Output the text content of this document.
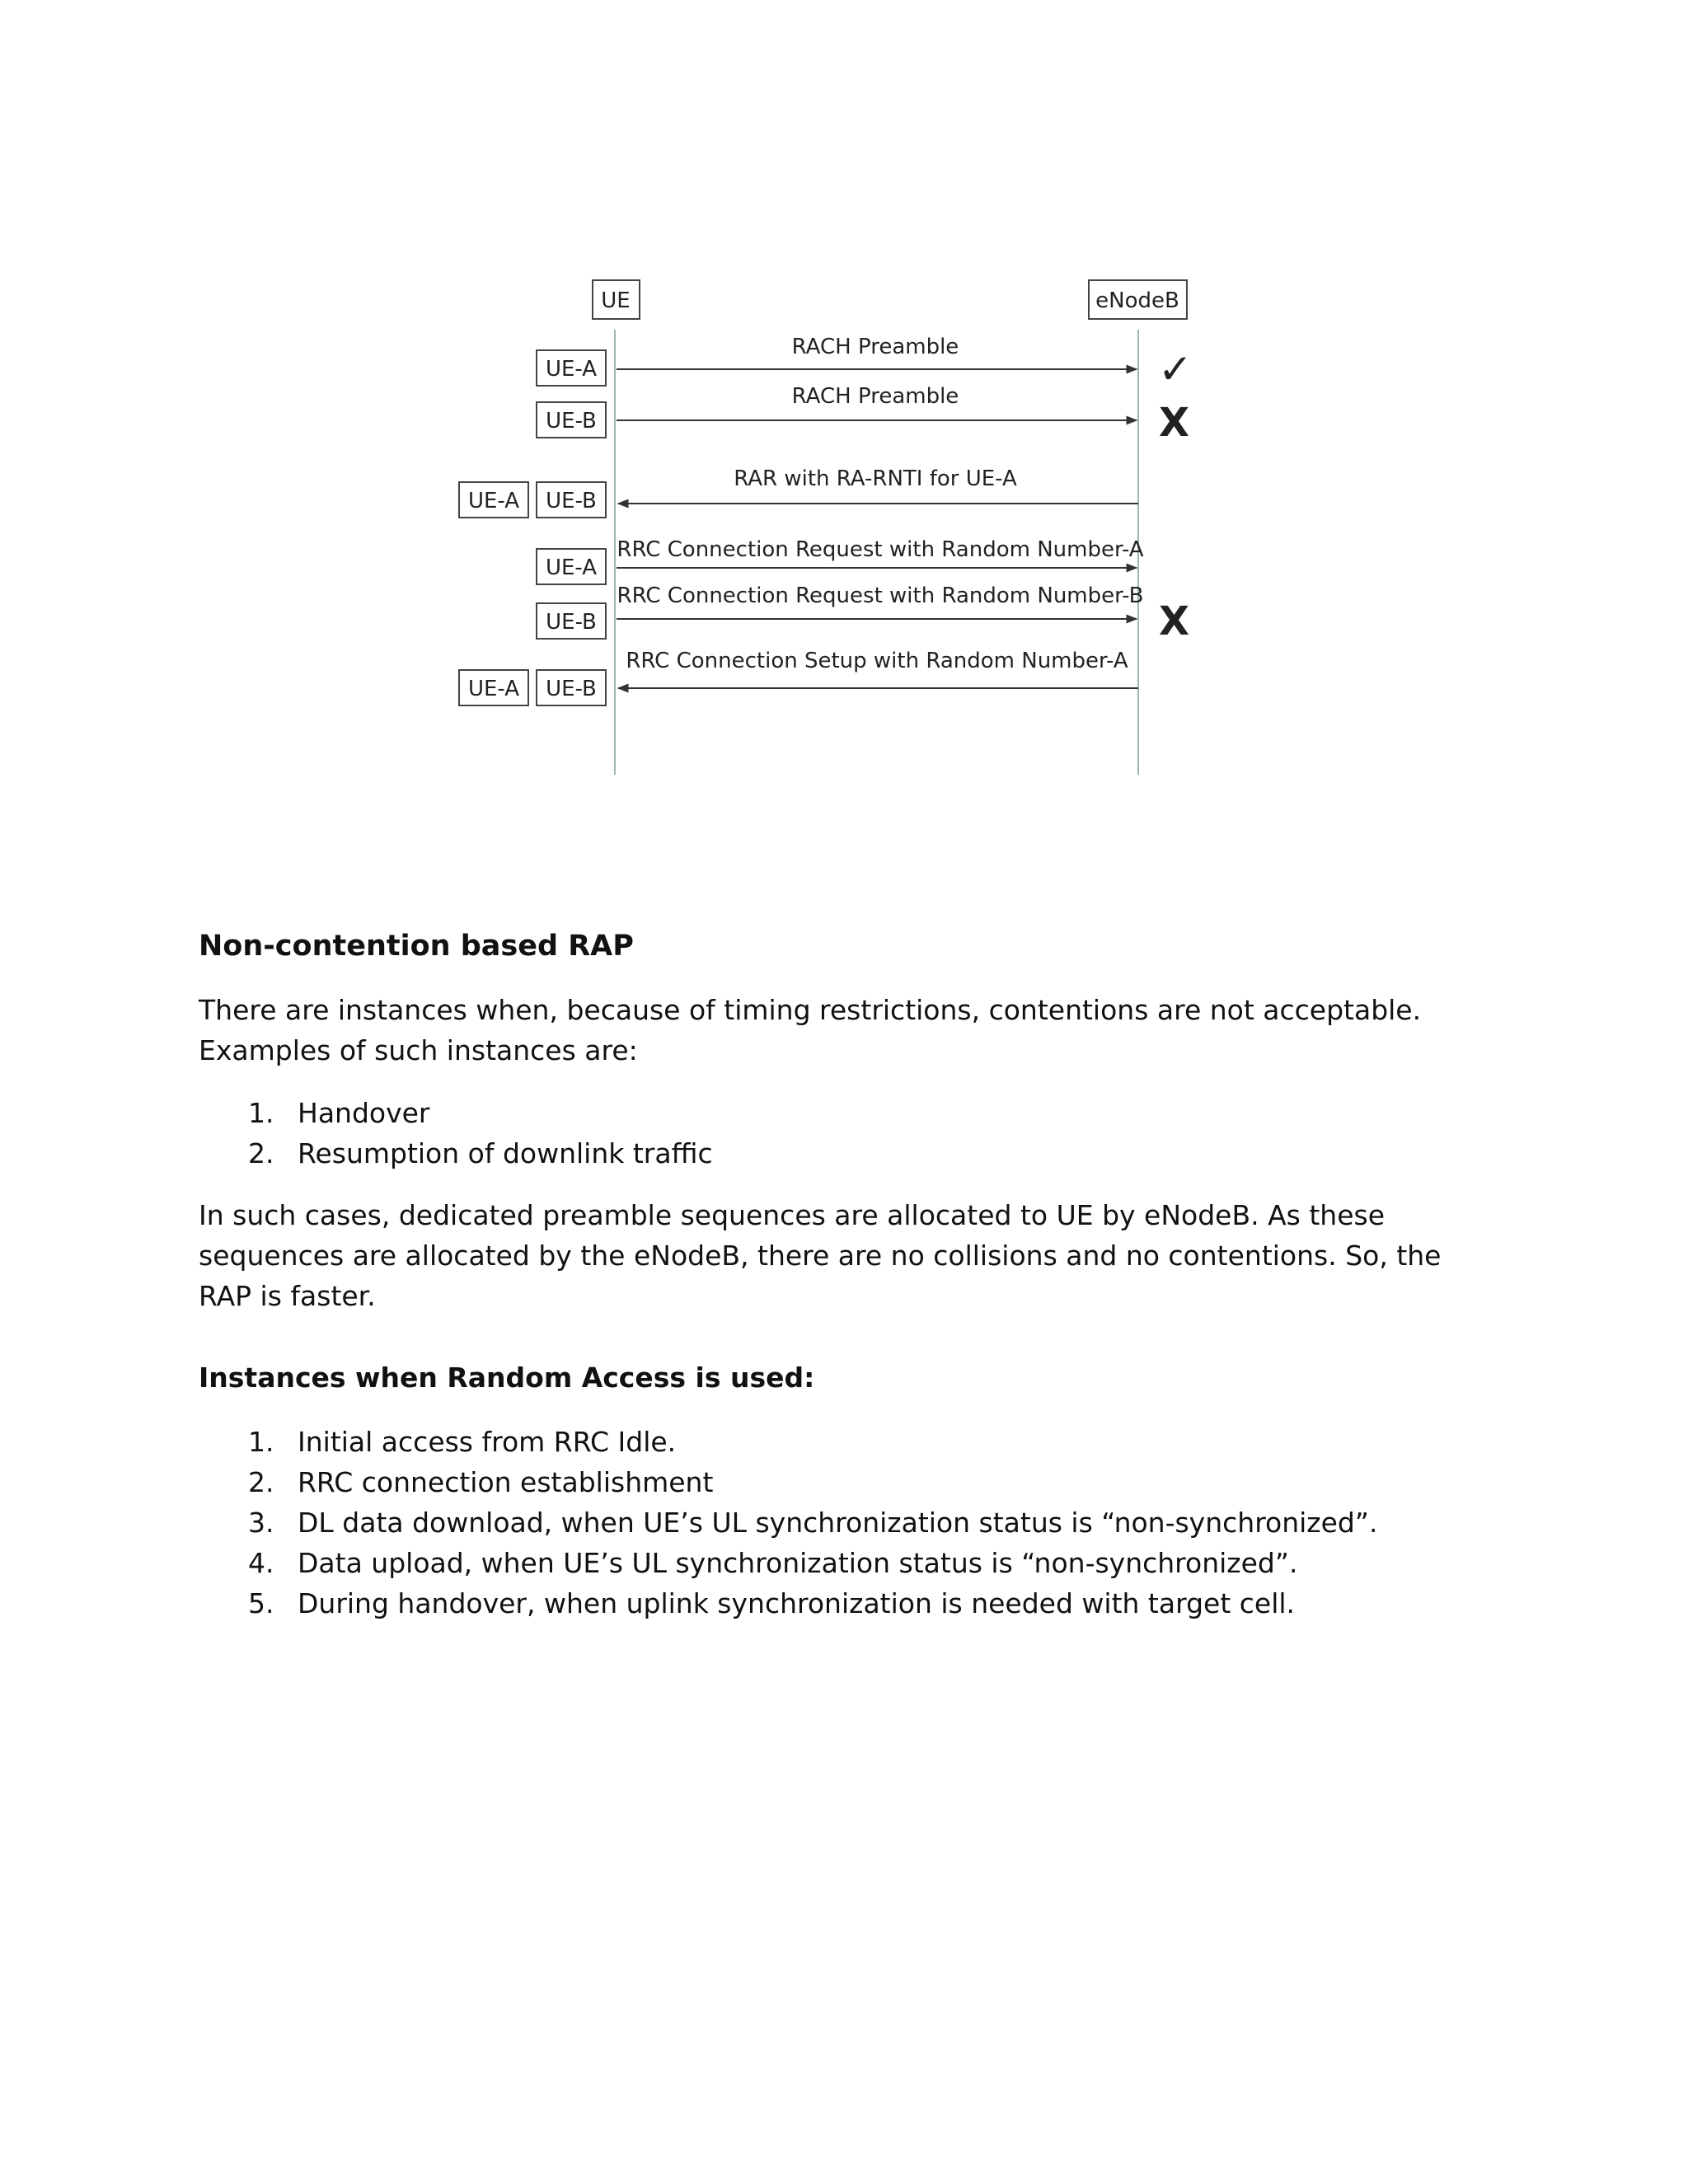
UE	eNodeB
UE-A
RACH Preamble	✓
UE-B
RACH Preamble
X
UE-A UE-B
RAR with RA-RNTI for UE-A
UE-A
RRC Connection Request with Random Number-A
UE-B
RRC Connection Request with Random Number-B
X
UE-A UE-B
RRC Connection Setup with Random Number-A
Non-contention based RAP

There are instances when, because of timing restrictions, contentions are not acceptable. Examples of such instances are:

1. Handover
2. Resumption of downlink traffic

In such cases, dedicated preamble sequences are allocated to UE by eNodeB. As these sequences are allocated by the eNodeB, there are no collisions and no contentions. So, the RAP is faster.

Instances when Random Access is used:
1. Initial access from RRC Idle.
2. RRC connection establishment
3. DL data download, when UE’s UL synchronization status is “non-synchronized”.
4. Data upload, when UE’s UL synchronization status is “non-synchronized”.
5. During handover, when uplink synchronization is needed with target cell.
